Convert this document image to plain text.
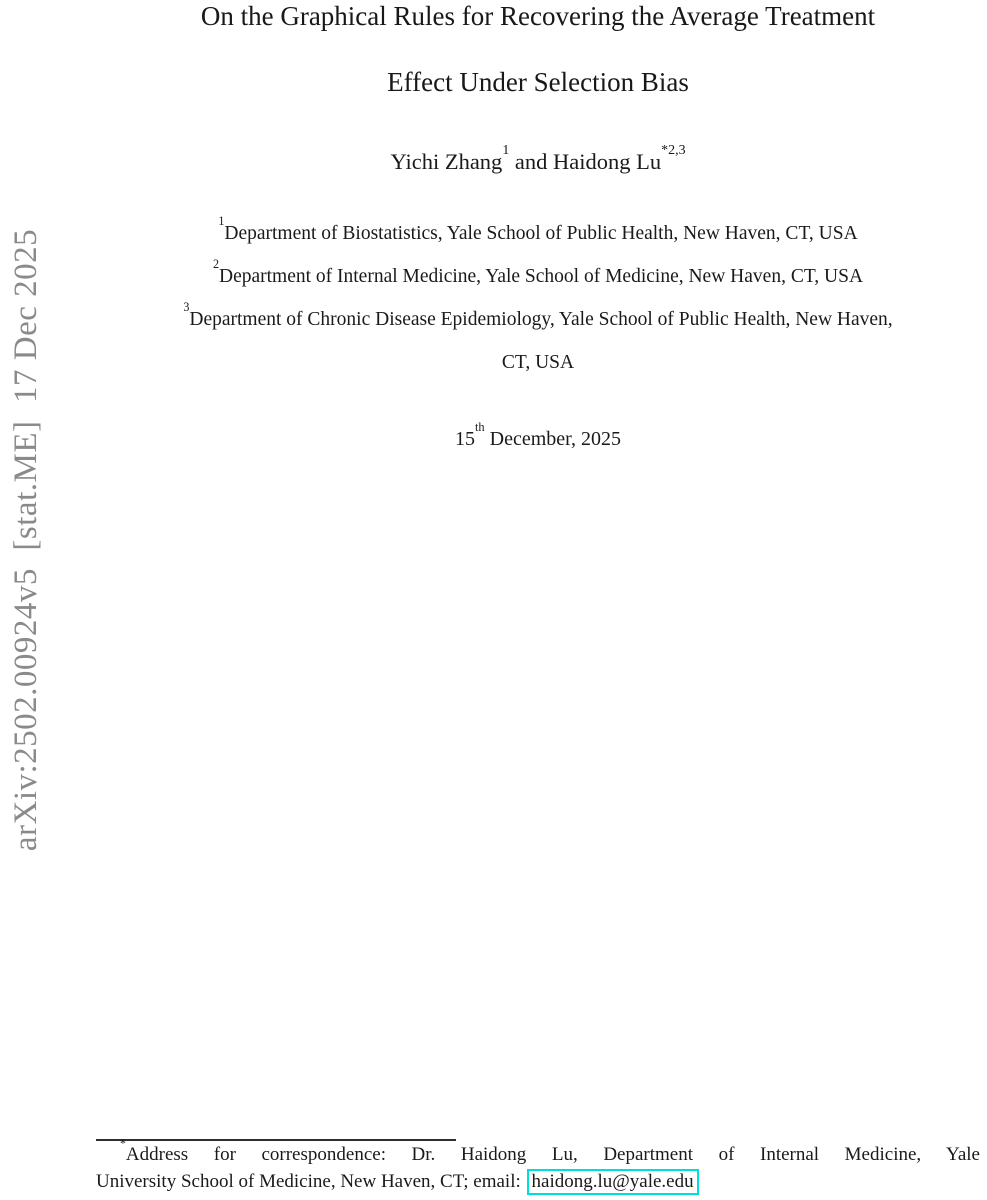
arXiv:2502.00924v5  [stat.ME]  17 Dec 2025
On the Graphical Rules for Recovering the Average Treatment
Effect Under Selection Bias
Yichi Zhang$^1$ and Haidong Lu$^{*2,3}$
$^1$Department of Biostatistics, Yale School of Public Health, New Haven, CT, USA
$^2$Department of Internal Medicine, Yale School of Medicine, New Haven, CT, USA
$^3$Department of Chronic Disease Epidemiology, Yale School of Public Health, New Haven,
CT, USA
15th December, 2025
*Address for correspondence: Dr. Haidong Lu, Department of Internal Medicine, Yale
University School of Medicine, New Haven, CT; email: haidong.lu@yale.edu
